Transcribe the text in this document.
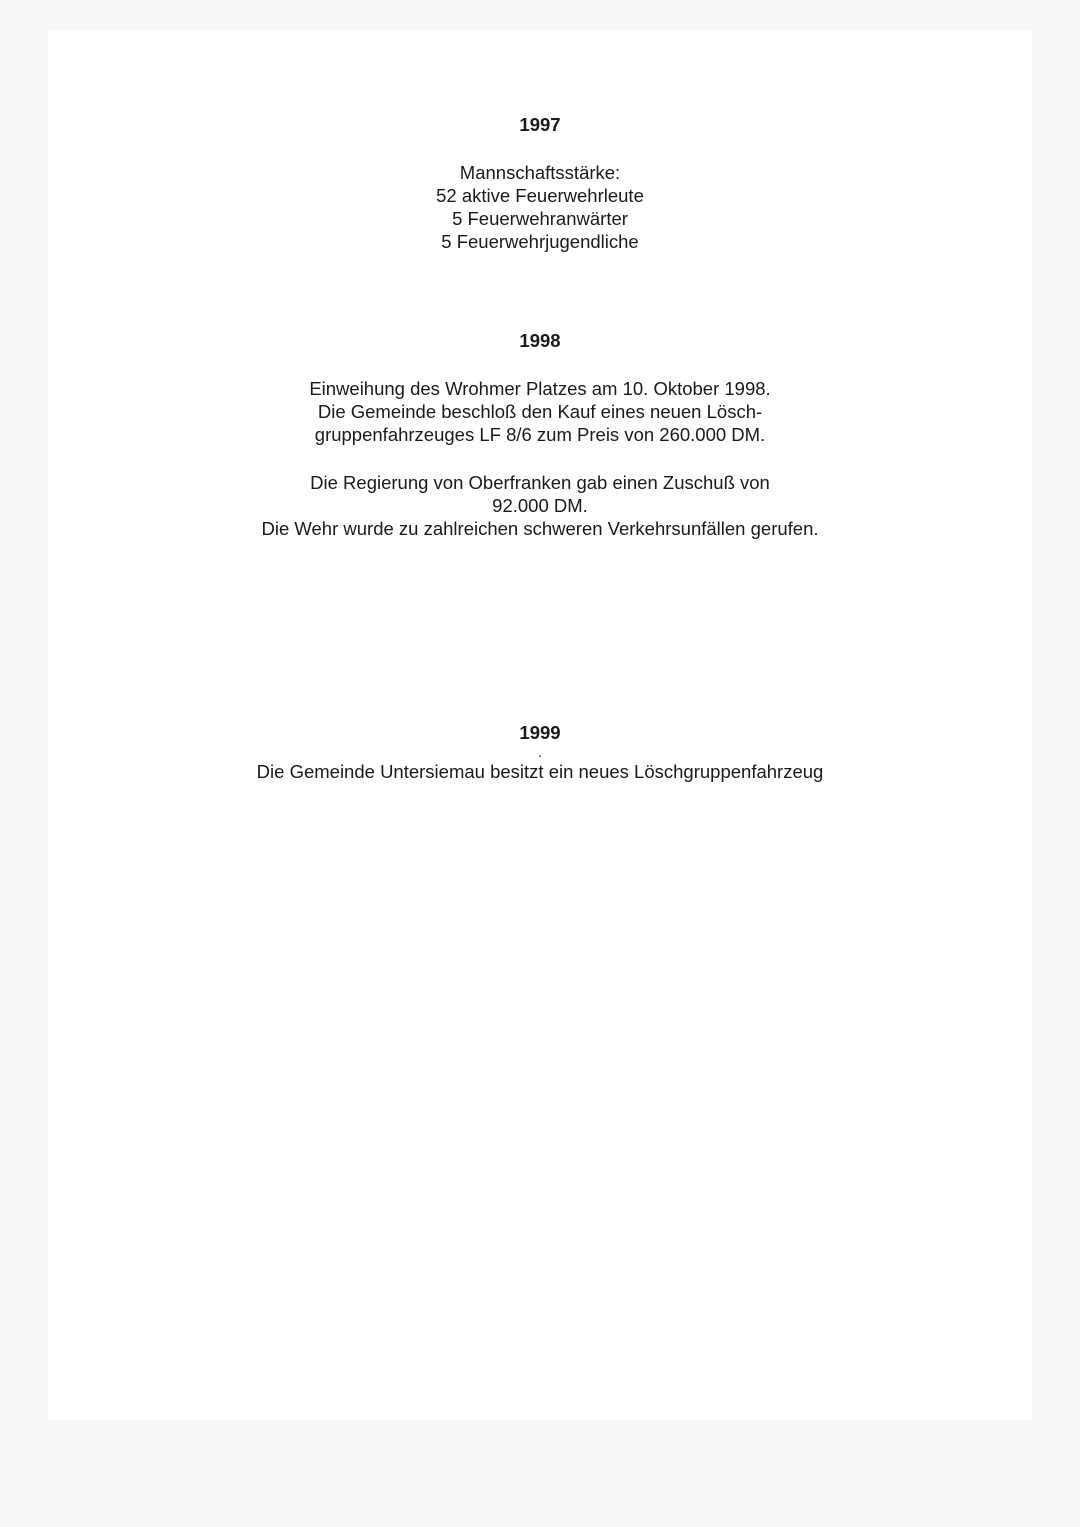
1997

Mannschaftsstärke:

52 aktive Feuerwehrleute

5 Feuerwehranwärter

5 Feuerwehrjugendliche

1998

Einweihung des Wrohmer Platzes am 10. Oktober 1998.

Die Gemeinde beschloß den Kauf eines neuen Lösch-

gruppenfahrzeuges LF 8/6 zum Preis von 260.000 DM.

Die Regierung von Oberfranken gab einen Zuschuß von

92.000 DM.

Die Wehr wurde zu zahlreichen schweren Verkehrsunfällen gerufen.

1999

.

Die Gemeinde Untersiemau besitzt ein neues Löschgruppenfahrzeug
